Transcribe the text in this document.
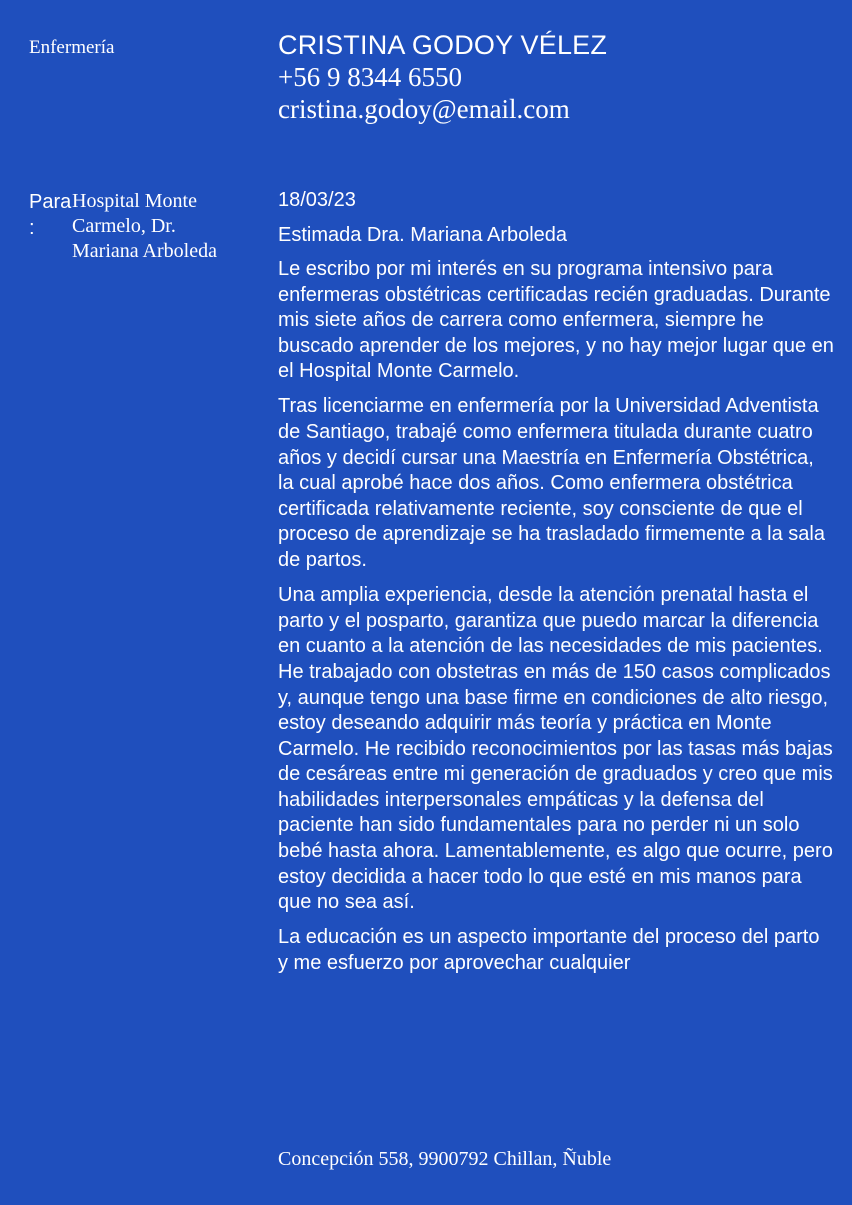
Enfermería	CRISTINA GODOY VÉLEZ
+56 9 8344 6550
cristina.godoy@email.com
Para
:
Hospital Monte Carmelo, Dr. Mariana Arboleda
18/03/23
Estimada Dra. Mariana Arboleda

Le escribo por mi interés en su programa intensivo para enfermeras obstétricas certificadas recién graduadas. Durante mis siete años de carrera como enfermera, siempre he buscado aprender de los mejores, y no hay mejor lugar que en el Hospital Monte Carmelo.

Tras licenciarme en enfermería por la Universidad Adventista de Santiago, trabajé como enfermera titulada durante cuatro años y decidí cursar una Maestría en Enfermería Obstétrica, la cual aprobé hace dos años. Como enfermera obstétrica certificada relativamente reciente, soy consciente de que el proceso de aprendizaje se ha trasladado firmemente a la sala de partos.

Una amplia experiencia, desde la atención prenatal hasta el parto y el posparto, garantiza que puedo marcar la diferencia en cuanto a la atención de las necesidades de mis pacientes. He trabajado con obstetras en más de 150 casos complicados y, aunque tengo una base firme en condiciones de alto riesgo, estoy deseando adquirir más teoría y práctica en Monte Carmelo. He recibido reconocimientos por las tasas más bajas de cesáreas entre mi generación de graduados y creo que mis habilidades interpersonales empáticas y la defensa del paciente han sido fundamentales para no perder ni un solo bebé hasta ahora. Lamentablemente, es algo que ocurre, pero estoy decidida a hacer todo lo que esté en mis manos para que no sea así.

La educación es un aspecto importante del proceso del parto y me esfuerzo por aprovechar cualquier

Concepción 558, 9900792 Chillan, Ñuble
